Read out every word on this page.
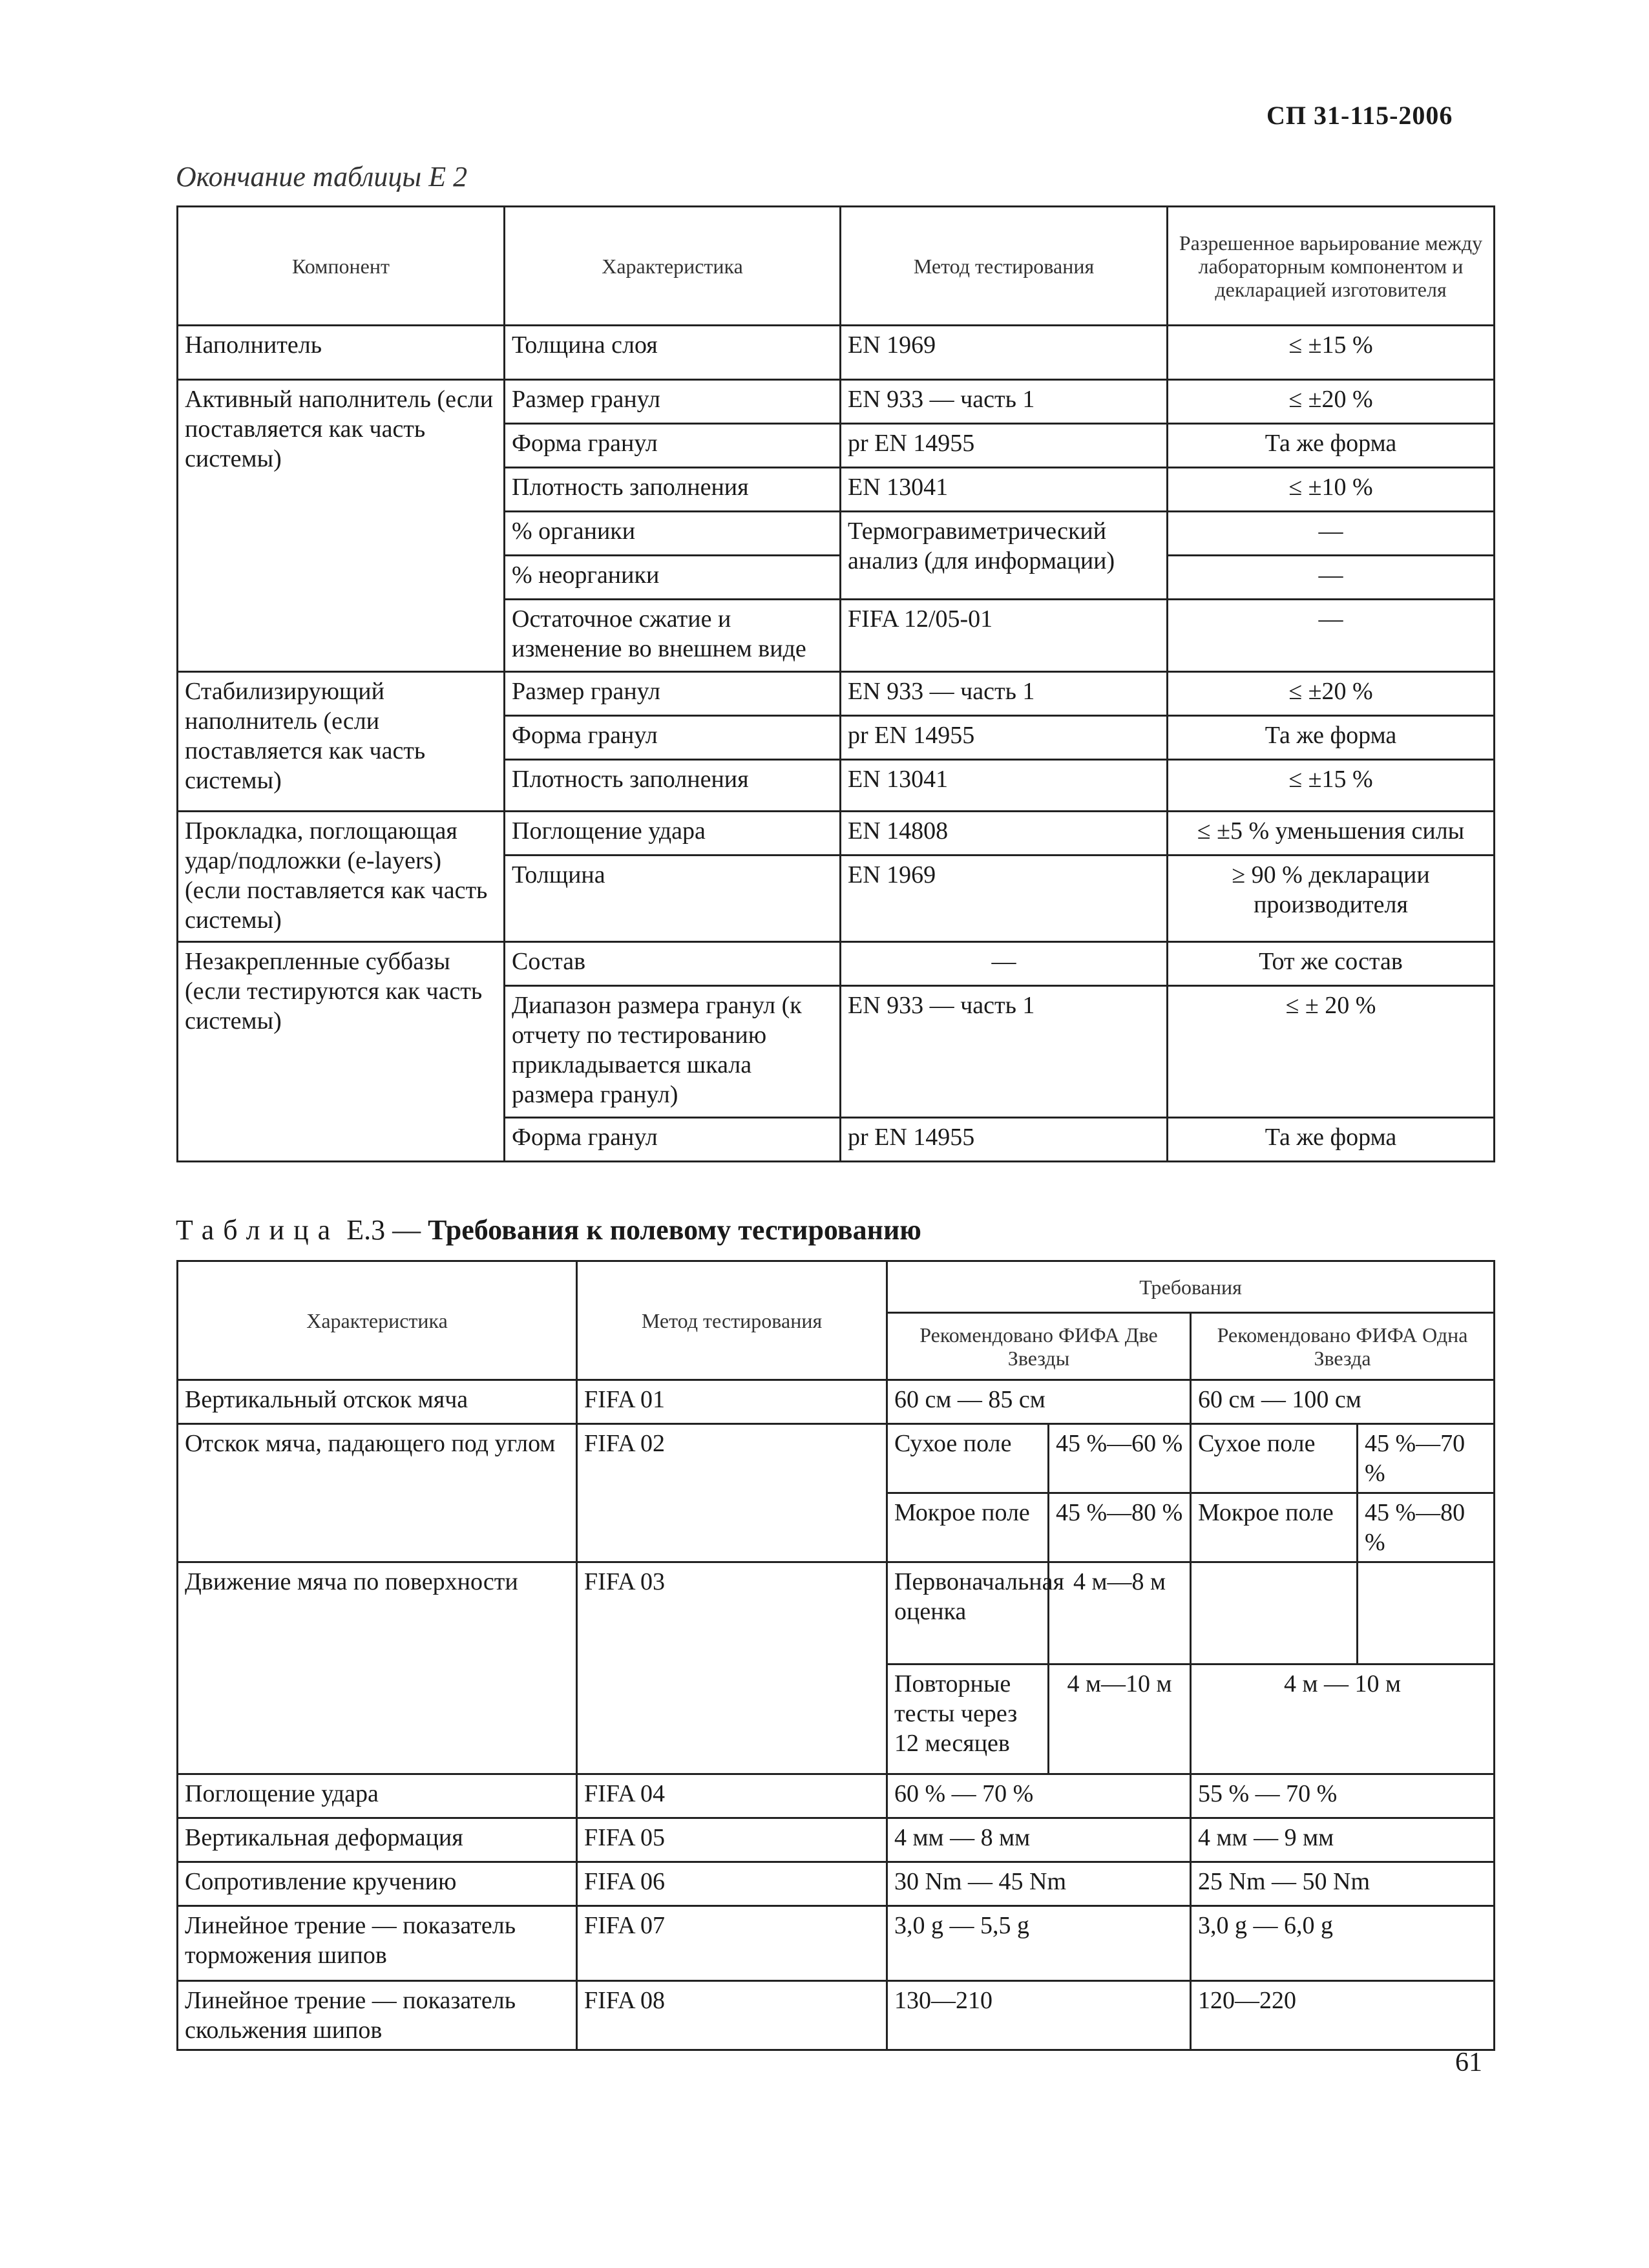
СП 31-115-2006
Окончание таблицы Е 2
Компонент	Характеристика	Метод тестирования	Разрешенное варьирование между лабораторным компонентом и декларацией изготовителя
Наполнитель	Толщина слоя	EN 1969	≤ ±15 %
Активный наполнитель (если поставляется как часть системы)	Размер гранул	EN 933 — часть 1	≤ ±20 %
	Форма гранул	pr EN 14955	Та же форма
	Плотность заполнения	EN 13041	≤ ±10 %
	% органики	Термогравиметрический анализ (для информации)	—
	% неорганики		—
	Остаточное сжатие и изменение во внешнем виде	FIFA 12/05-01	—
Стабилизирующий наполнитель (если поставляется как часть системы)	Размер гранул	EN 933 — часть 1	≤ ±20 %
	Форма гранул	pr EN 14955	Та же форма
	Плотность заполнения	EN 13041	≤ ±15 %
Прокладка, поглощающая удар/подложки (e-layers) (если поставляется как часть системы)	Поглощение удара	EN 14808	≤ ±5 % уменьшения силы
	Толщина	EN 1969	≥ 90 % декларации производителя
Незакрепленные суббазы (если тестируются как часть системы)	Состав	—	Тот же состав
	Диапазон размера гранул (к отчету по тестированию прикладывается шкала размера гранул)	EN 933 — часть 1	≤ ± 20 %
	Форма гранул	pr EN 14955	Та же форма
Таблица Е.3 — Требования к полевому тестированию
Характеристика	Метод тестирования	Требования			
		Рекомендовано ФИФА Две Звезды		Рекомендовано ФИФА Одна Звезда	
Вертикальный отскок мяча	FIFA 01	60 см — 85 см		60 см — 100 см	
Отскок мяча, падающего под углом	FIFA 02	Сухое поле	45 %—60 %	Сухое поле	45 %—70 %
		Мокрое поле	45 %—80 %	Мокрое поле	45 %—80 %
Движение мяча по поверхности	FIFA 03	Первоначальная оценка	4 м—8 м		
		Повторные тесты через 12 месяцев	4 м—10 м	4 м — 10 м	
Поглощение удара	FIFA 04	60 % — 70 %		55 % — 70 %	
Вертикальная деформация	FIFA 05	4 мм — 8 мм		4 мм — 9 мм	
Сопротивление кручению	FIFA 06	30 Nm — 45 Nm		25 Nm — 50 Nm	
Линейное трение — показатель торможения шипов	FIFA 07	3,0 g — 5,5 g		3,0 g — 6,0 g	
Линейное трение — показатель скольжения шипов	FIFA 08	130—210		120—220	
61
